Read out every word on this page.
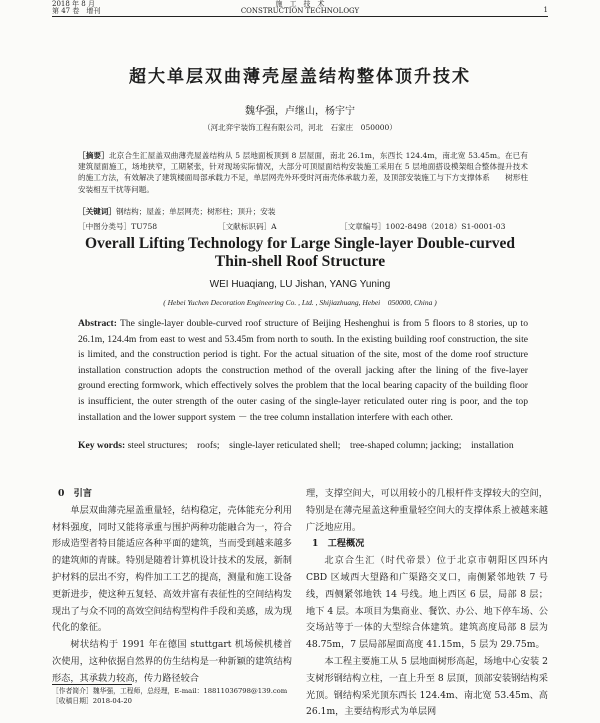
2018 年 8 月
第 47 卷　增刊
施　工　技　术
CONSTRUCTION TECHNOLOGY	1
超大单层双曲薄壳屋盖结构整体顶升技术
魏华强，卢继山，杨宇宁
（河北弈宇装饰工程有限公司，河北　石家庄　050000）
［摘要］北京合生汇屋盖双曲薄壳屋盖结构从 5 层地面板顶到 8 层屋面，南北 26.1m，东西长 124.4m，南北宽 53.45m。在已有建筑屋面施工，场地狭窄，工期紧张，针对现场实际情况，大部分可顶屋面结构安装施工采用在 5 层地面搭设模架组合整体提升技术的施工方法，有效解决了建筑楼面局部承载力不足，单层网壳外环受时河南壳体承载力差，及顶部安装施工与下方支撑体系　　树形柱安装相互干扰等问题。
［关键词］钢结构；屋盖；单层网壳；树形柱；顶升；安装
［中图分类号］TU758	［文献标识码］A	［文章编号］1002-8498（2018）S1-0001-03
Overall Lifting Technology for Large Single-layer Double-curved
Thin-shell Roof Structure
WEI Huaqiang, LU Jishan, YANG Yuning
( Hebei Yuchen Decoration Engineering Co. , Ltd. , Shijiazhuang, Hebei　050000, China )
Abstract: The single-layer double-curved roof structure of Beijing Heshenghui is from 5 floors to 8 stories, up to 26.1m, 124.4m from east to west and 53.45m from north to south. In the existing building roof construction, the site is limited, and the construction period is tight. For the actual situation of the site, most of the dome roof structure installation construction adopts the construction method of the overall jacking after the lining of the five-layer ground erecting formwork, which effectively solves the problem that the local bearing capacity of the building floor is insufficient, the outer strength of the outer casing of the single-layer reticulated outer ring is poor, and the top installation and the lower support system － the tree column installation interfere with each other.
Key words: steel structures;　roofs;　single-layer reticulated shell;　tree-shaped column; jacking;　installation

0　引言

单层双曲薄壳屋盖重量轻，结构稳定，壳体能充分利用材料强度，同时又能将承重与围护两种功能融合为一，符合形成造型者特目能适应各种平面的建筑，当而受到越来越多的建筑师的青睐。特别是随着计算机设计技术的发展，新制护材料的层出不穷，构件加工工艺的提高，测量和施工设备更新进步，使这种五复轻、高效并富有表征性的空间结构发现出了与众不同的高效空间结构型构件手段和美感，成为现代化的象征。

树状结构于 1991 年在德国 stuttgart 机场候机楼首次使用，这种依据自然界的仿生结构是一种新颖的建筑结构形态，其承载力较高，传力路径较合

理，支撑空间大，可以用较小的几根杆件支撑较大的空间，特别是在薄壳屋盖这种重量轻空间大的支撑体系上被越来越广泛地应用。

1　工程概况

北京合生汇（时代帝景）位于北京市朝阳区四环内 CBD 区域西大望路和广渠路交叉口，南侧紧邻地铁 7 号线，西侧紧邻地铁 14 号线。地上西区 6 层，局部 8 层；地下 4 层。本项目为集商业、餐饮、办公、地下停车场、公交场站等于一体的大型综合体建筑。建筑高度局部 8 层为 48.75m，7 层局部屋面高度 41.15m，5 层为 29.75m。

本工程主要施工从 5 层地面树形高起，场地中心安装 2 支树形钢结构立柱，一直上升至 8 层顶，顶部安装钢结构采光顶。钢结构采光顶东西长 124.4m、南北宽 53.45m、高 26.1m，主要结构形式为单层网

［作者简介］魏华强，工程师，总经理，E-mail：18811036798@139.com
［收稿日期］2018-04-20
